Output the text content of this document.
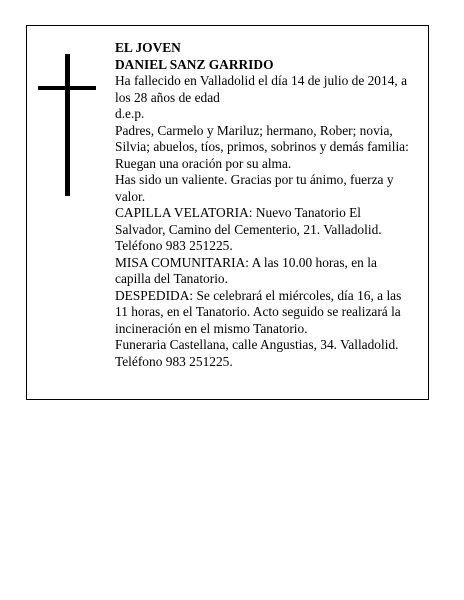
EL JOVEN
DANIEL SANZ GARRIDO
Ha fallecido en Valladolid el día 14 de julio de 2014, a
los 28 años de edad
d.e.p.
Padres, Carmelo y Mariluz; hermano, Rober; novia,
Silvia; abuelos, tíos, primos, sobrinos y demás familia:
Ruegan una oración por su alma.
Has sido un valiente. Gracias por tu ánimo, fuerza y
valor.
CAPILLA VELATORIA: Nuevo Tanatorio El
Salvador, Camino del Cementerio, 21. Valladolid.
Teléfono 983 251225.
MISA COMUNITARIA: A las 10.00 horas, en la
capilla del Tanatorio.
DESPEDIDA: Se celebrará el miércoles, día 16, a las
11 horas, en el Tanatorio. Acto seguido se realizará la
incineración en el mismo Tanatorio.
Funeraria Castellana, calle Angustias, 34. Valladolid.
Teléfono 983 251225.
